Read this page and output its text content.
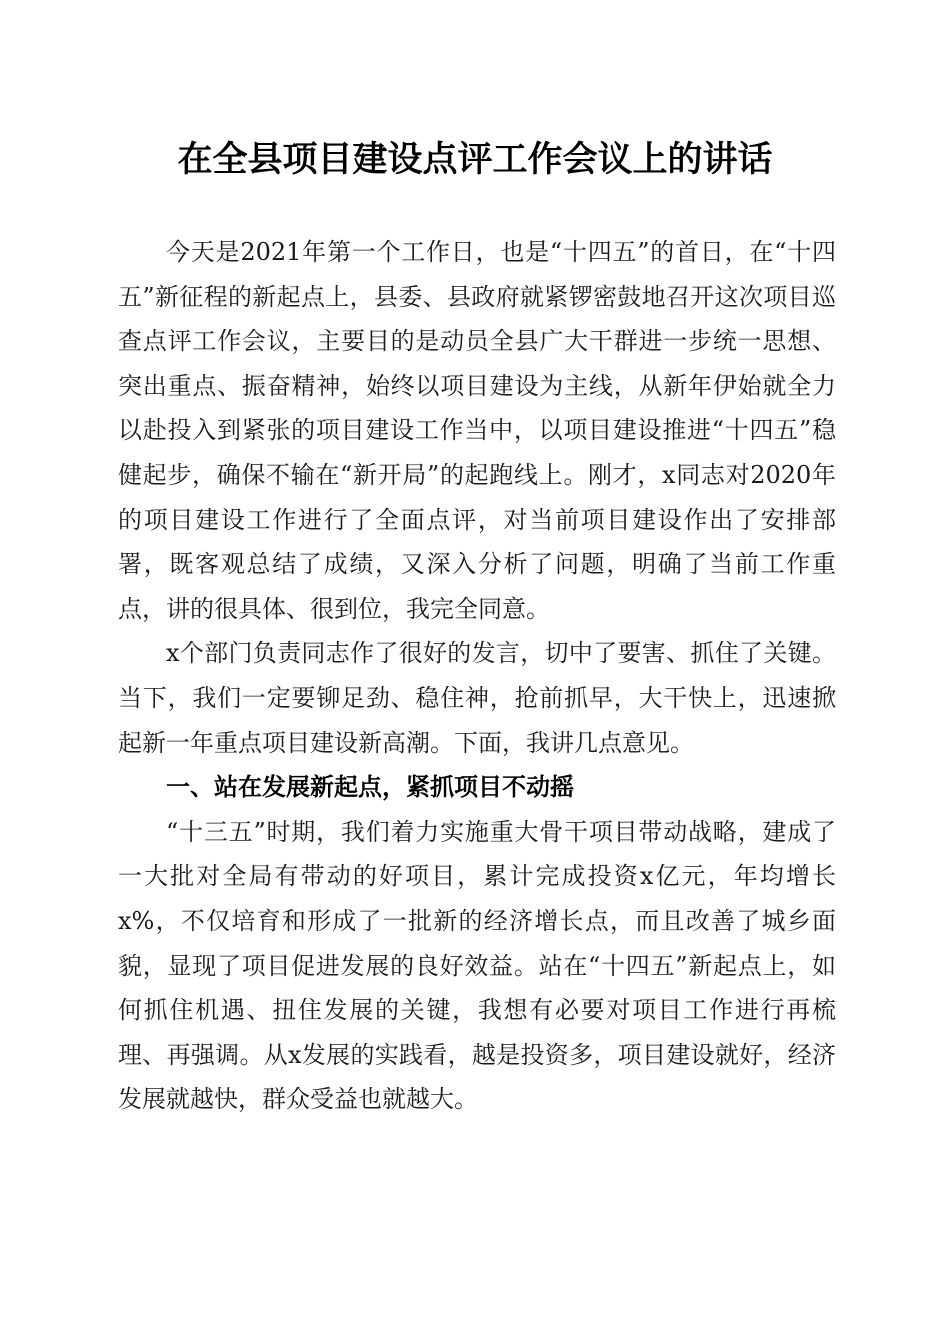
在全县项目建设点评工作会议上的讲话

今天是2021年第一个工作日，也是“十四五”的首日，在“十四五”新征程的新起点上，县委、县政府就紧锣密鼓地召开这次项目巡查点评工作会议，主要目的是动员全县广大干群进一步统一思想、突出重点、振奋精神，始终以项目建设为主线，从新年伊始就全力以赴投入到紧张的项目建设工作当中，以项目建设推进“十四五”稳健起步，确保不输在“新开局”的起跑线上。刚才，x同志对2020年的项目建设工作进行了全面点评，对当前项目建设作出了安排部署，既客观总结了成绩，又深入分析了问题，明确了当前工作重点，讲的很具体、很到位，我完全同意。

x个部门负责同志作了很好的发言，切中了要害、抓住了关键。当下，我们一定要铆足劲、稳住神，抢前抓早，大干快上，迅速掀起新一年重点项目建设新高潮。下面，我讲几点意见。

一、站在发展新起点，紧抓项目不动摇

“十三五”时期，我们着力实施重大骨干项目带动战略，建成了一大批对全局有带动的好项目，累计完成投资x亿元，年均增长x%，不仅培育和形成了一批新的经济增长点，而且改善了城乡面貌，显现了项目促进发展的良好效益。站在“十四五”新起点上，如何抓住机遇、扭住发展的关键，我想有必要对项目工作进行再梳理、再强调。从x发展的实践看，越是投资多，项目建设就好，经济发展就越快，群众受益也就越大。
